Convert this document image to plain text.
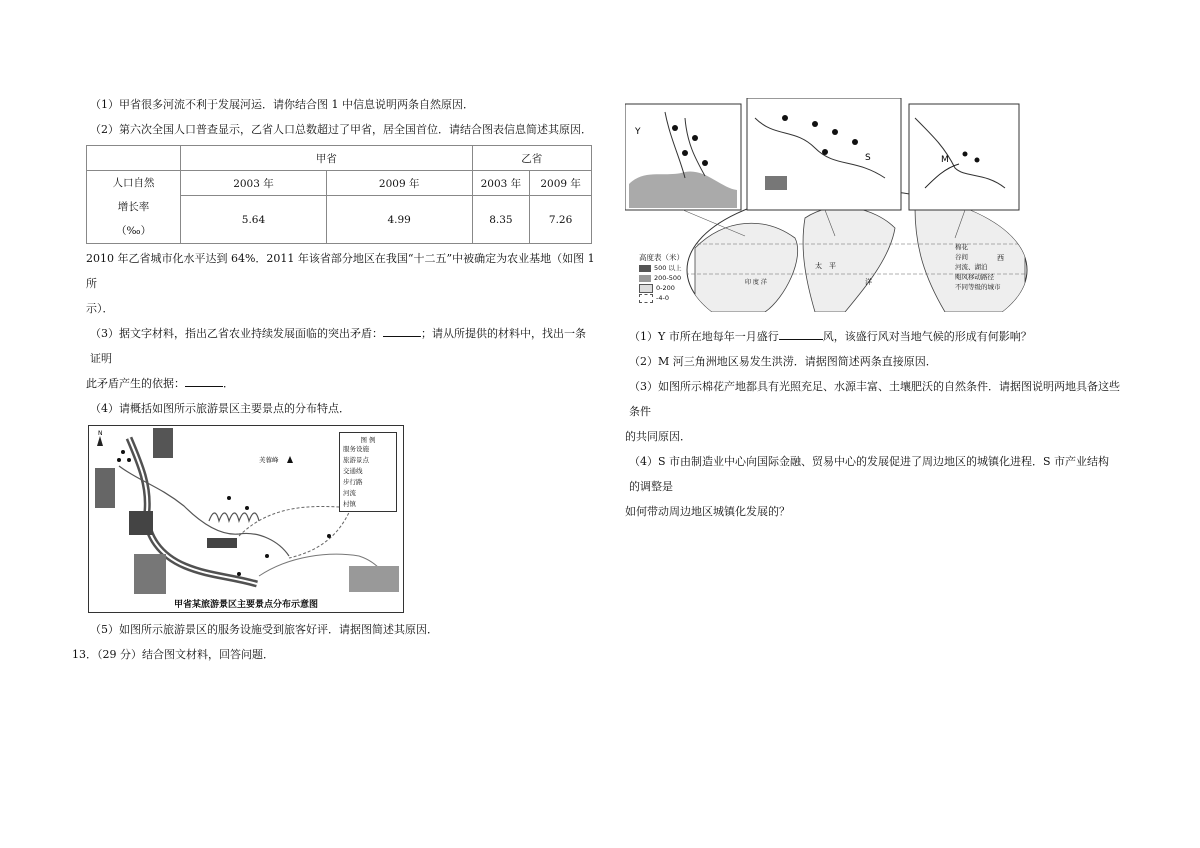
（1）甲省很多河流不利于发展河运．请你结合图 1 中信息说明两条自然原因．

（2）第六次全国人口普查显示，乙省人口总数超过了甲省，居全国首位．请结合图表信息简述其原因．

	甲省		乙省	

人口自然
增长率
（‰）	2003 年	2009 年	2003 年	2009 年
	5.64	4.99	8.35	7.26

2010 年乙省城市化水平达到 64%．2011 年该省部分地区在我国“十二五”中被确定为农业基地（如图 1 所

示）．

（3）据文字材料，指出乙省农业持续发展面临的突出矛盾：	；请从所提供的材料中，找出一条证明

此矛盾产生的依据：	．

（4）请概括如图所示旅游景区主要景点的分布特点．

N
芙蓉峰
图 例
服务设施
旅游景点
交通线
步行路
河流
村镇
甲省某旅游景区主要景点分布示意图

（5）如图所示旅游景区的服务设施受到旅客好评．请据图简述其原因．

13．（29 分）结合图文材料，回答问题．

太　平
洋
印 度 洋
西
Y
S	M
高度表（米）
500 以上
200-500
0-200
-4-0
棉花
谷间
河流、湖泊
飓风移动路径
不同等级的城市

（1）Y 市所在地每年一月盛行	风，该盛行风对当地气候的形成有何影响？

（2）M 河三角洲地区易发生洪涝．请据图简述两条直接原因．

（3）如图所示棉花产地都具有光照充足、水源丰富、土壤肥沃的自然条件．请据图说明两地具备这些条件

的共同原因．

（4）S 市由制造业中心向国际金融、贸易中心的发展促进了周边地区的城镇化进程．S 市产业结构的调整是

如何带动周边地区城镇化发展的？
